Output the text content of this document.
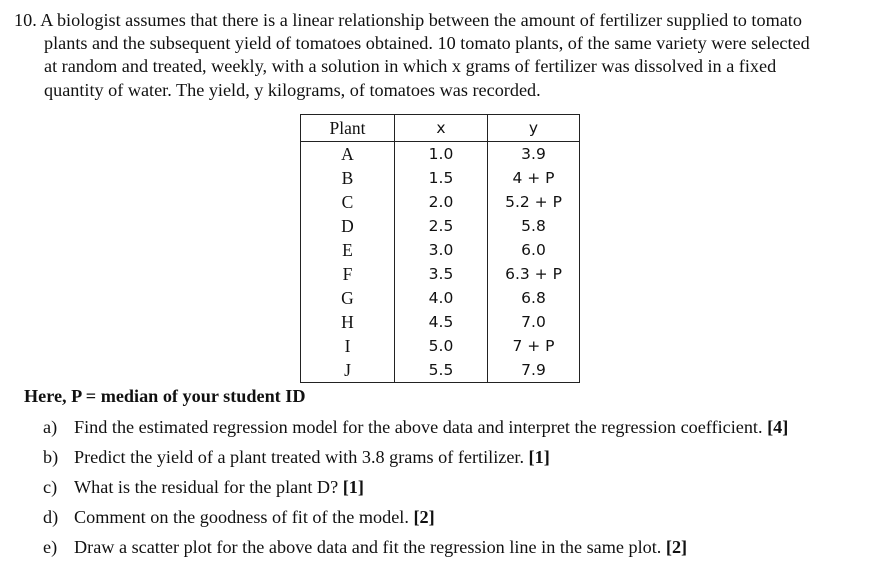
10. A biologist assumes that there is a linear relationship between the amount of fertilizer supplied to tomato
plants and the subsequent yield of tomatoes obtained. 10 tomato plants, of the same variety were selected
at random and treated, weekly, with a solution in which x grams of fertilizer was dissolved in a fixed
quantity of water. The yield, y kilograms, of tomatoes was recorded.
Plant	x	y
A	1.0	3.9
B	1.5	4 + P
C	2.0	5.2 + P
D	2.5	5.8
E	3.0	6.0
F	3.5	6.3 + P
G	4.0	6.8
H	4.5	7.0
I	5.0	7 + P
J	5.5	7.9
Here, P = median of your student ID
a) Find the estimated regression model for the above data and interpret the regression coefficient. [4]
b) Predict the yield of a plant treated with 3.8 grams of fertilizer. [1]
c) What is the residual for the plant D? [1]
d) Comment on the goodness of fit of the model. [2]
e) Draw a scatter plot for the above data and fit the regression line in the same plot. [2]
